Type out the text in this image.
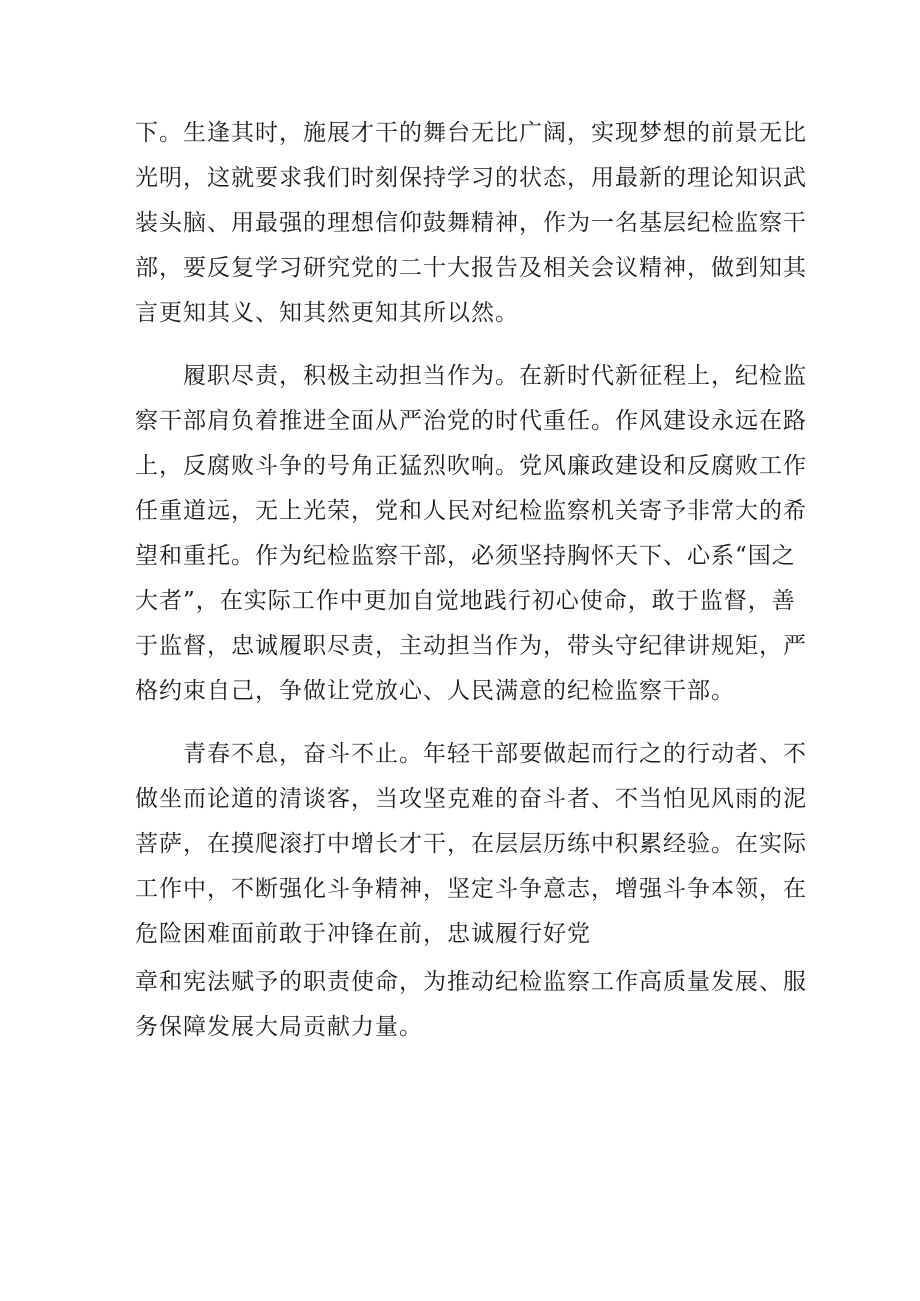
下。生逢其时，施展才干的舞台无比广阔，实现梦想的前景无比
光明，这就要求我们时刻保持学习的状态，用最新的理论知识武
装头脑、用最强的理想信仰鼓舞精神，作为一名基层纪检监察干
部，要反复学习研究党的二十大报告及相关会议精神，做到知其
言更知其义、知其然更知其所以然。
　　履职尽责，积极主动担当作为。在新时代新征程上，纪检监
察干部肩负着推进全面从严治党的时代重任。作风建设永远在路
上，反腐败斗争的号角正猛烈吹响。党风廉政建设和反腐败工作
任重道远，无上光荣，党和人民对纪检监察机关寄予非常大的希
望和重托。作为纪检监察干部，必须坚持胸怀天下、心系“国之
大者”，在实际工作中更加自觉地践行初心使命，敢于监督，善
于监督，忠诚履职尽责，主动担当作为，带头守纪律讲规矩，严
格约束自己，争做让党放心、人民满意的纪检监察干部。
　　青春不息，奋斗不止。年轻干部要做起而行之的行动者、不
做坐而论道的清谈客，当攻坚克难的奋斗者、不当怕见风雨的泥
菩萨，在摸爬滚打中增长才干，在层层历练中积累经验。在实际
工作中，不断强化斗争精神，坚定斗争意志，增强斗争本领，在
危险困难面前敢于冲锋在前，忠诚履行好党
章和宪法赋予的职责使命，为推动纪检监察工作高质量发展、服
务保障发展大局贡献力量。
